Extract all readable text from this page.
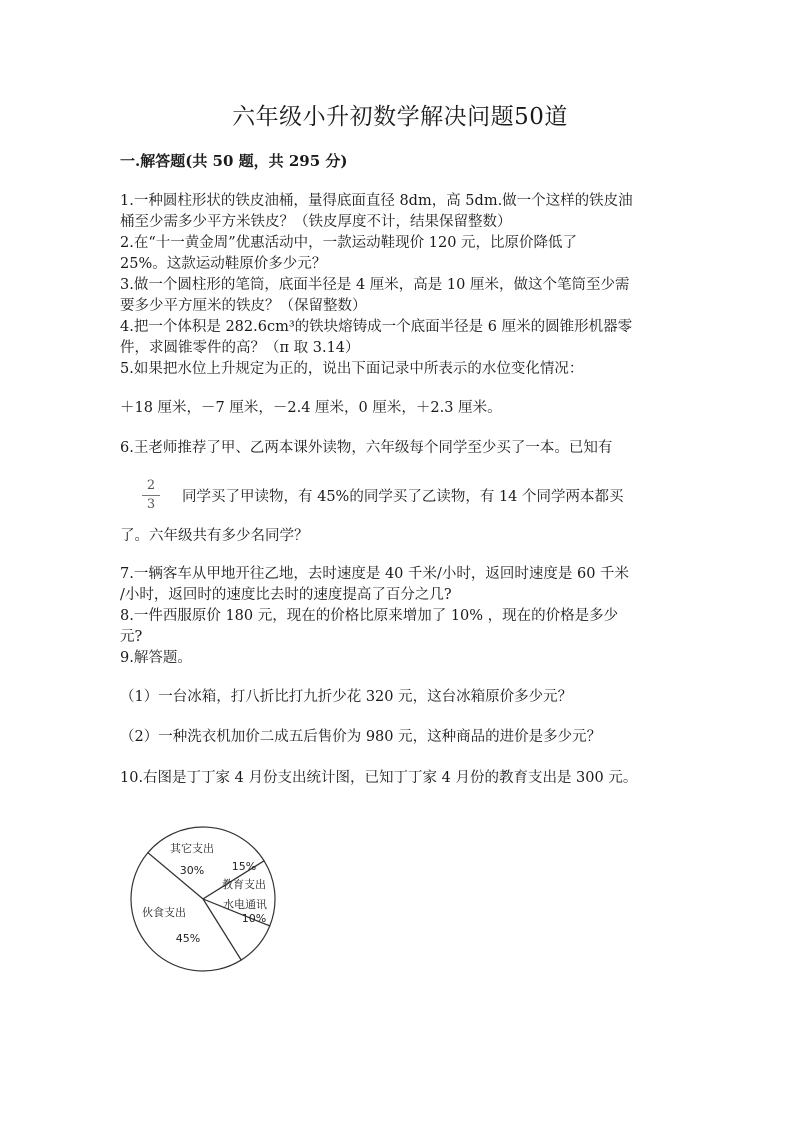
六年级小升初数学解决问题50道
一.解答题(共 50 题，共 295 分)
1.一种圆柱形状的铁皮油桶，量得底面直径 8dm，高 5dm.做一个这样的铁皮油
桶至少需多少平方米铁皮？（铁皮厚度不计，结果保留整数）
2.在“十一黄金周”优惠活动中，一款运动鞋现价 120 元，比原价降低了
25%。这款运动鞋原价多少元？
3.做一个圆柱形的笔筒，底面半径是 4 厘米，高是 10 厘米，做这个笔筒至少需
要多少平方厘米的铁皮？（保留整数）
4.把一个体积是 282.6cm³的铁块熔铸成一个底面半径是 6 厘米的圆锥形机器零
件，求圆锥零件的高？（π 取 3.14）
5.如果把水位上升规定为正的，说出下面记录中所表示的水位变化情况：
＋18 厘米，－7 厘米，－2.4 厘米，0 厘米，＋2.3 厘米。
6.王老师推荐了甲、乙两本课外读物，六年级每个同学至少买了一本。已知有
2
3	同学买了甲读物，有 45%的同学买了乙读物，有 14 个同学两本都买
了。六年级共有多少名同学？
7.一辆客车从甲地开往乙地，去时速度是 40 千米/小时，返回时速度是 60 千米
/小时，返回时的速度比去时的速度提高了百分之几?
8.一件西服原价 180 元，现在的价格比原来增加了 10% ，现在的价格是多少
元?
9.解答题。
（1）一台冰箱，打八折比打九折少花 320 元，这台冰箱原价多少元？
（2）一种洗衣机加价二成五后售价为 980 元，这种商品的进价是多少元？
10.右图是丁丁家 4 月份支出统计图，已知丁丁家 4 月份的教育支出是 300 元。
其它支出
30%	15%
教育支出
水电通讯
10%
伙食支出
45%
